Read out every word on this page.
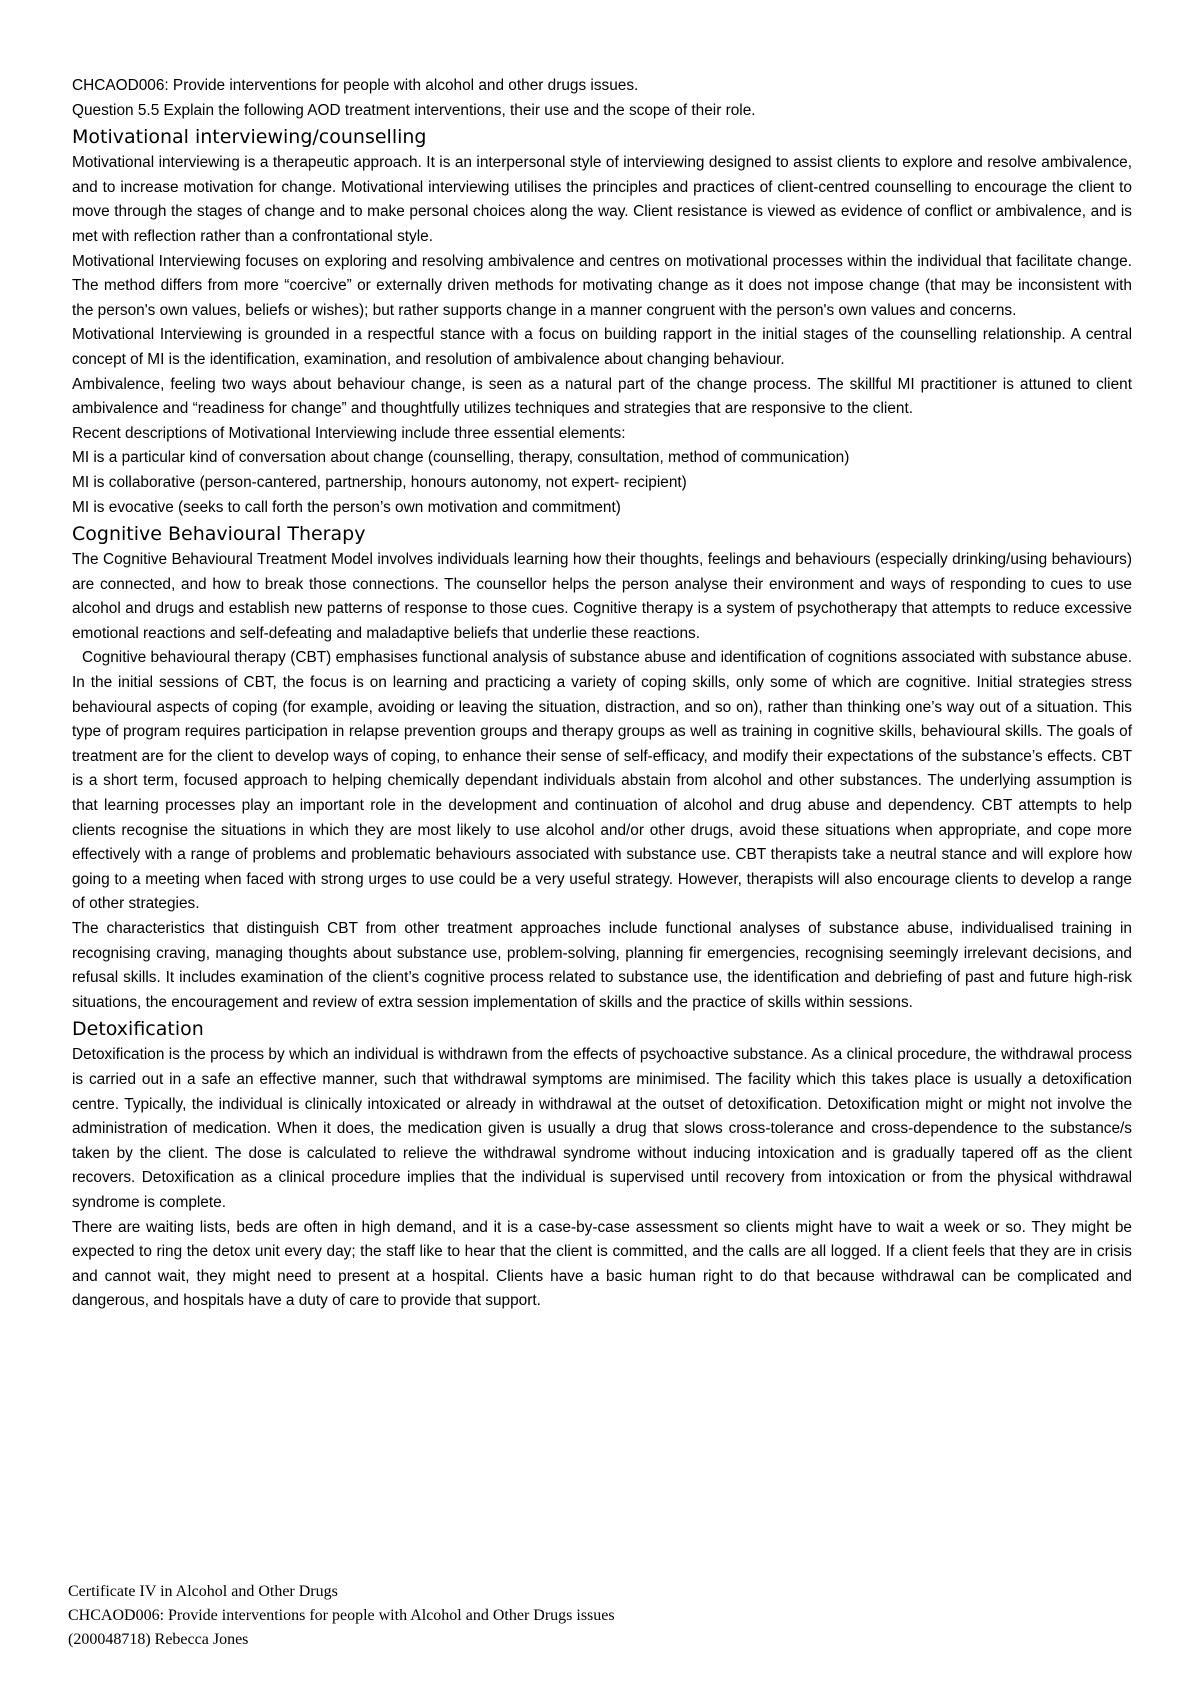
CHCAOD006: Provide interventions for people with alcohol and other drugs issues.
Question 5.5 Explain the following AOD treatment interventions, their use and the scope of their role.
Motivational interviewing/counselling

Motivational interviewing is a therapeutic approach. It is an interpersonal style of interviewing designed to assist clients to explore and resolve ambivalence, and to increase motivation for change. Motivational interviewing utilises the principles and practices of client-centred counselling to encourage the client to move through the stages of change and to make personal choices along the way. Client resistance is viewed as evidence of conflict or ambivalence, and is met with reflection rather than a confrontational style.

Motivational Interviewing focuses on exploring and resolving ambivalence and centres on motivational processes within the individual that facilitate change. The method differs from more “coercive” or externally driven methods for motivating change as it does not impose change (that may be inconsistent with the person's own values, beliefs or wishes); but rather supports change in a manner congruent with the person's own values and concerns.

Motivational Interviewing is grounded in a respectful stance with a focus on building rapport in the initial stages of the counselling relationship. A central concept of MI is the identification, examination, and resolution of ambivalence about changing behaviour.

Ambivalence, feeling two ways about behaviour change, is seen as a natural part of the change process. The skillful MI practitioner is attuned to client ambivalence and “readiness for change” and thoughtfully utilizes techniques and strategies that are responsive to the client.

Recent descriptions of Motivational Interviewing include three essential elements:
MI is a particular kind of conversation about change (counselling, therapy, consultation, method of communication)
MI is collaborative (person-cantered, partnership, honours autonomy, not expert- recipient)
MI is evocative (seeks to call forth the person’s own motivation and commitment)
Cognitive Behavioural Therapy

The Cognitive Behavioural Treatment Model involves individuals learning how their thoughts, feelings and behaviours (especially drinking/using behaviours) are connected, and how to break those connections. The counsellor helps the person analyse their environment and ways of responding to cues to use alcohol and drugs and establish new patterns of response to those cues. Cognitive therapy is a system of psychotherapy that attempts to reduce excessive emotional reactions and self-defeating and maladaptive beliefs that underlie these reactions.

Cognitive behavioural therapy (CBT) emphasises functional analysis of substance abuse and identification of cognitions associated with substance abuse. In the initial sessions of CBT, the focus is on learning and practicing a variety of coping skills, only some of which are cognitive. Initial strategies stress behavioural aspects of coping (for example, avoiding or leaving the situation, distraction, and so on), rather than thinking one’s way out of a situation. This type of program requires participation in relapse prevention groups and therapy groups as well as training in cognitive skills, behavioural skills. The goals of treatment are for the client to develop ways of coping, to enhance their sense of self-efficacy, and modify their expectations of the substance’s effects. CBT is a short term, focused approach to helping chemically dependant individuals abstain from alcohol and other substances. The underlying assumption is that learning processes play an important role in the development and continuation of alcohol and drug abuse and dependency. CBT attempts to help clients recognise the situations in which they are most likely to use alcohol and/or other drugs, avoid these situations when appropriate, and cope more effectively with a range of problems and problematic behaviours associated with substance use. CBT therapists take a neutral stance and will explore how going to a meeting when faced with strong urges to use could be a very useful strategy. However, therapists will also encourage clients to develop a range of other strategies.

The characteristics that distinguish CBT from other treatment approaches include functional analyses of substance abuse, individualised training in recognising craving, managing thoughts about substance use, problem-solving, planning fir emergencies, recognising seemingly irrelevant decisions, and refusal skills. It includes examination of the client’s cognitive process related to substance use, the identification and debriefing of past and future high-risk situations, the encouragement and review of extra session implementation of skills and the practice of skills within sessions.

Detoxification

Detoxification is the process by which an individual is withdrawn from the effects of psychoactive substance. As a clinical procedure, the withdrawal process is carried out in a safe an effective manner, such that withdrawal symptoms are minimised. The facility which this takes place is usually a detoxification centre. Typically, the individual is clinically intoxicated or already in withdrawal at the outset of detoxification. Detoxification might or might not involve the administration of medication. When it does, the medication given is usually a drug that slows cross-tolerance and cross-dependence to the substance/s taken by the client. The dose is calculated to relieve the withdrawal syndrome without inducing intoxication and is gradually tapered off as the client recovers. Detoxification as a clinical procedure implies that the individual is supervised until recovery from intoxication or from the physical withdrawal syndrome is complete.

There are waiting lists, beds are often in high demand, and it is a case-by-case assessment so clients might have to wait a week or so. They might be expected to ring the detox unit every day; the staff like to hear that the client is committed, and the calls are all logged. If a client feels that they are in crisis and cannot wait, they might need to present at a hospital. Clients have a basic human right to do that because withdrawal can be complicated and dangerous, and hospitals have a duty of care to provide that support.

Certificate IV in Alcohol and Other Drugs
CHCAOD006: Provide interventions for people with Alcohol and Other Drugs issues
(200048718) Rebecca Jones
